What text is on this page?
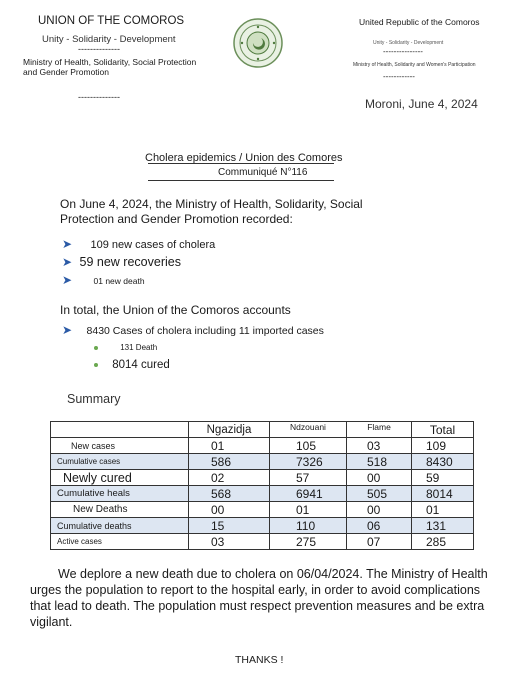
UNION OF THE COMOROS
Unity - Solidarity - Development
--------------
Ministry of Health, Solidarity, Social Protection and Gender Promotion
--------------
United Republic of the Comoros
Unity - Solidarity - Development
---------------
Ministry of Health, Solidarity and Women's Participation
------------
Moroni, June 4, 2024
Cholera epidemics / Union des Comores
Communiqué N°116
On June 4, 2024, the Ministry of Health, Solidarity, Social
Protection and Gender Promotion recorded:
➤ 109 new cases of cholera
➤ 59 new recoveries
➤	01 new death
In total, the Union of the Comoros accounts
➤ 8430 Cases of cholera including 11 imported cases
131 Death
8014 cured
Summary
	Ngazidja	Ndzouani	Flame	Total
New cases	01	105	03	109
Cumulative cases	586	7326	518	8430
Newly cured	02	57	00	59
Cumulative heals	568	6941	505	8014
New Deaths	00	01	00	01
Cumulative deaths	15	110	06	131
Active cases	03	275	07	285
We deplore a new death due to cholera on 06/04/2024. The Ministry of Health urges the population to report to the hospital early, in order to avoid complications that lead to death. The population must respect prevention measures and be extra vigilant.
THANKS !
